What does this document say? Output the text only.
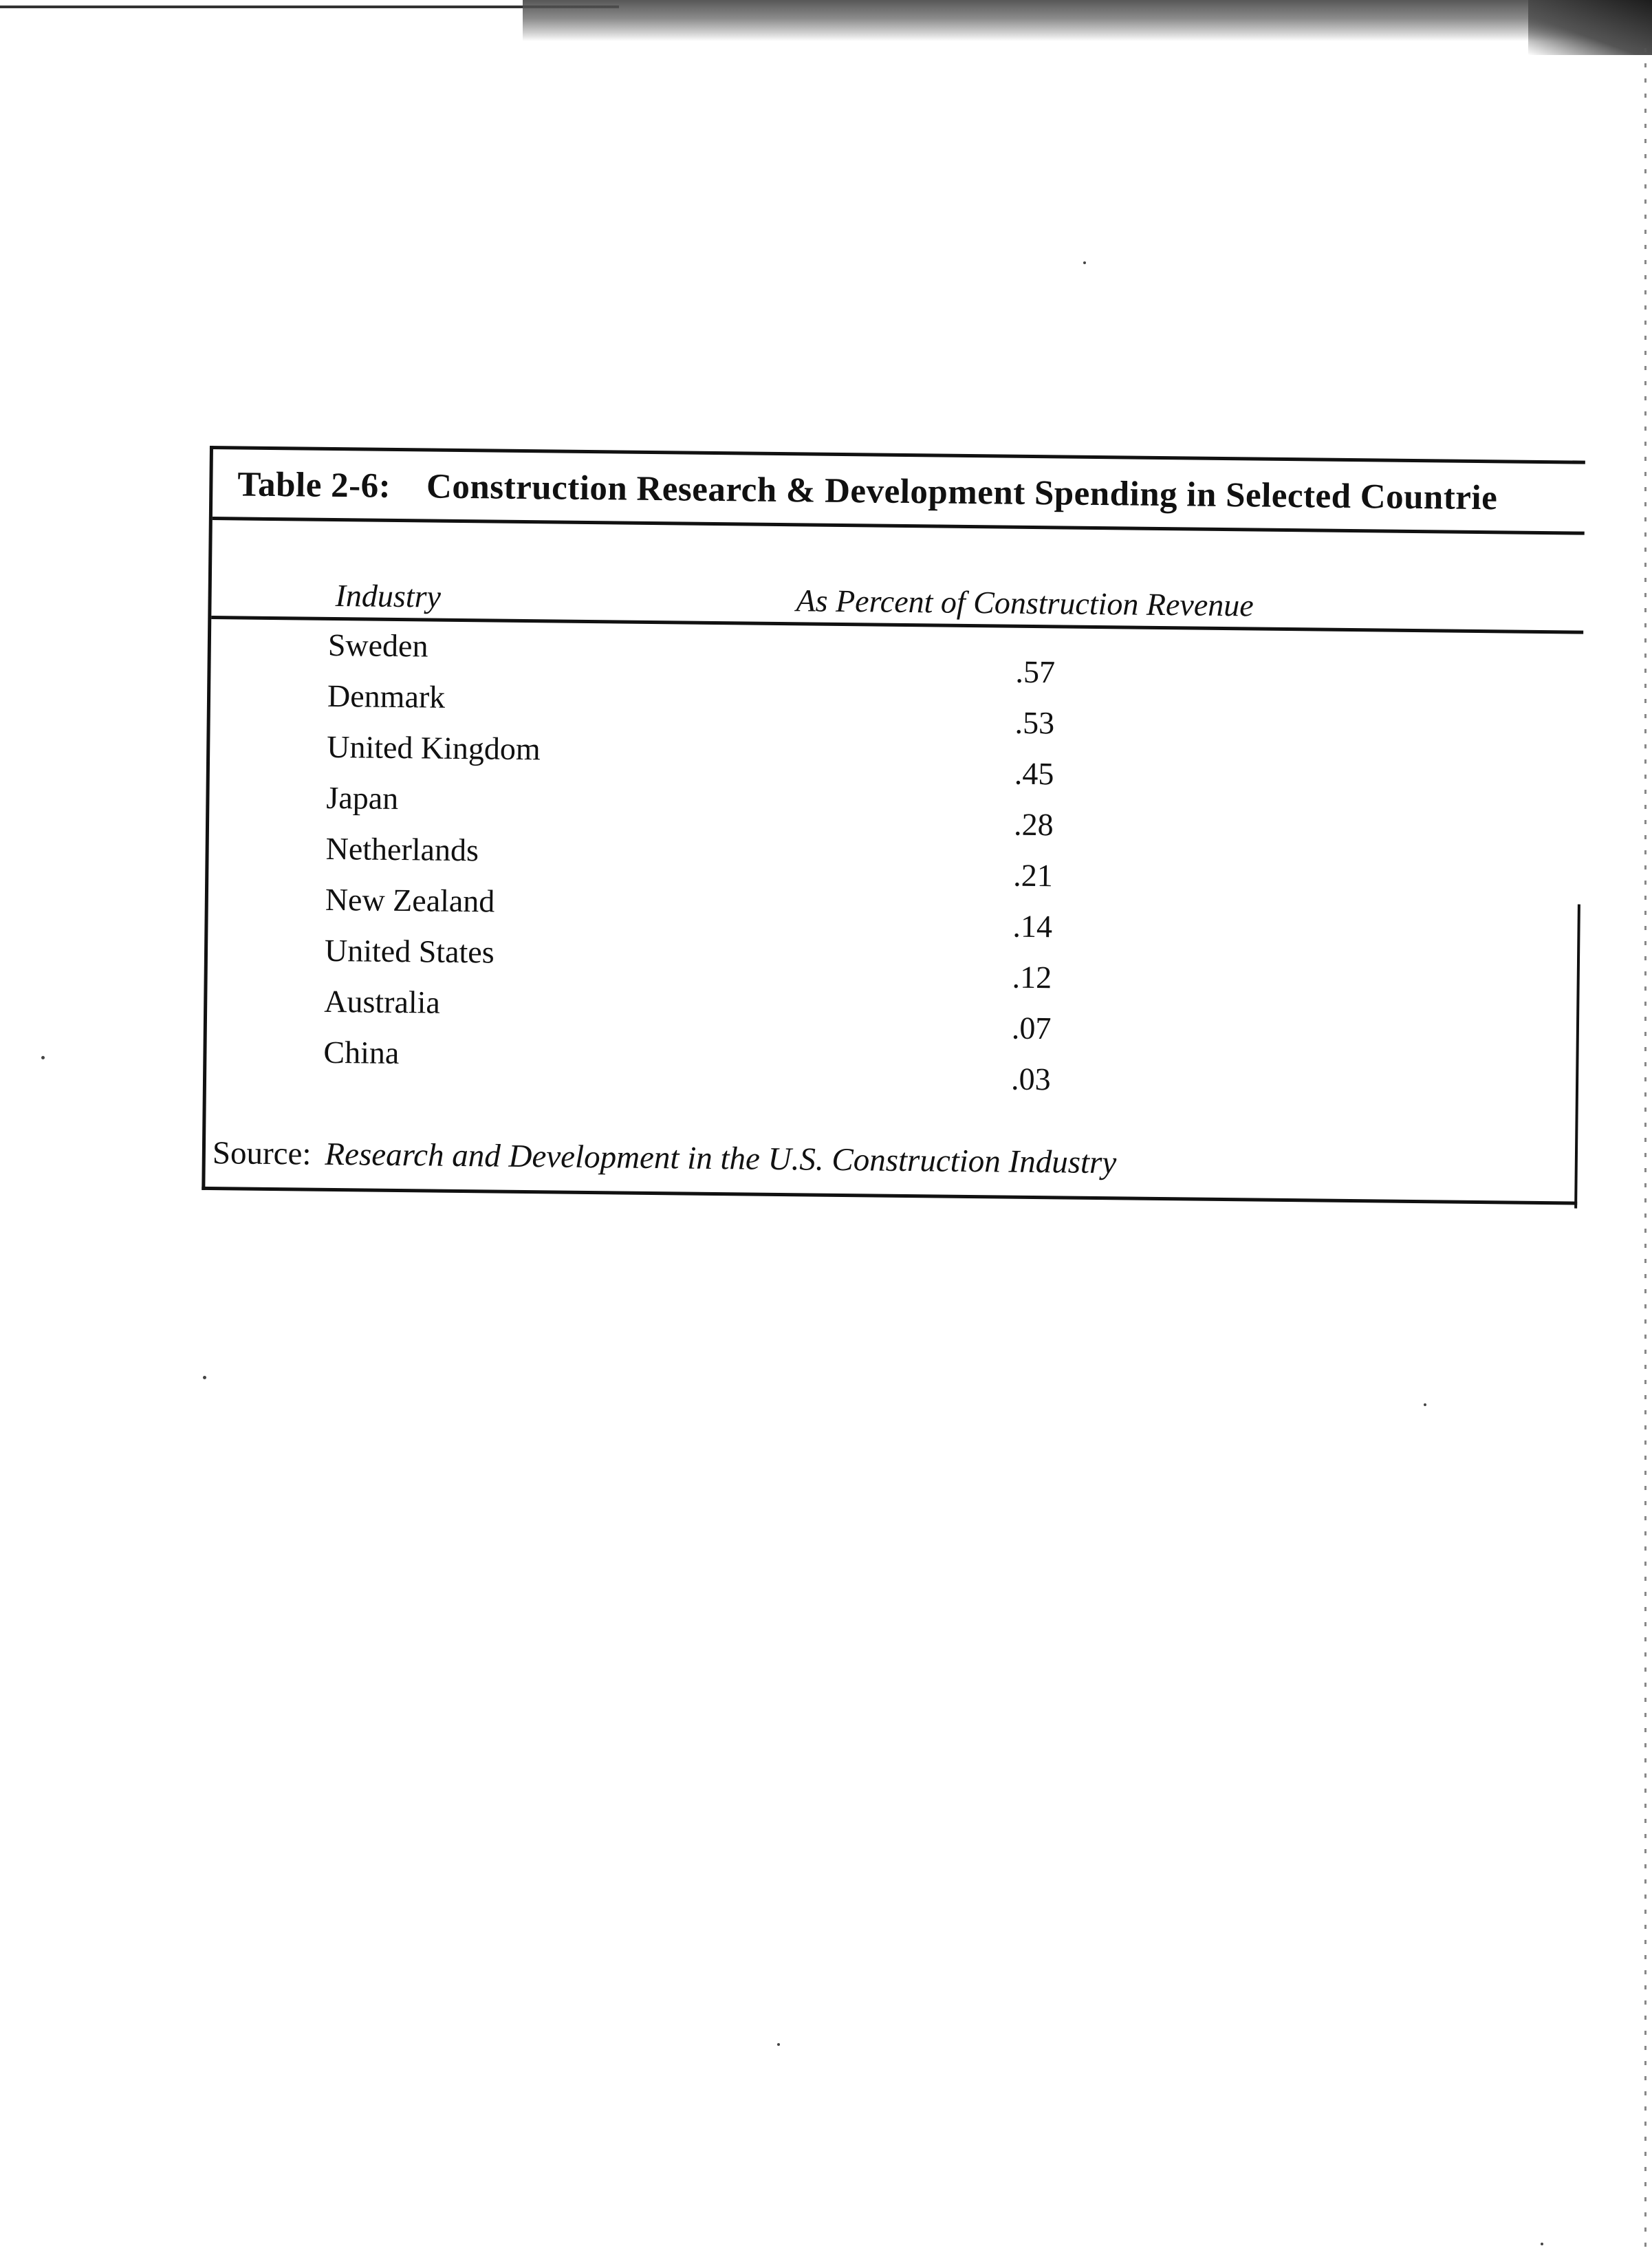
Table 2-6: Construction Research & Development Spending in Selected Countrie
Industry	As Percent of Construction Revenue
Sweden
.57
Denmark
.53
United Kingdom
.45
Japan
.28
Netherlands
.21
New Zealand
.14
United States
.12
Australia
.07
China
.03
Source: Research and Development in the U.S. Construction Industry
